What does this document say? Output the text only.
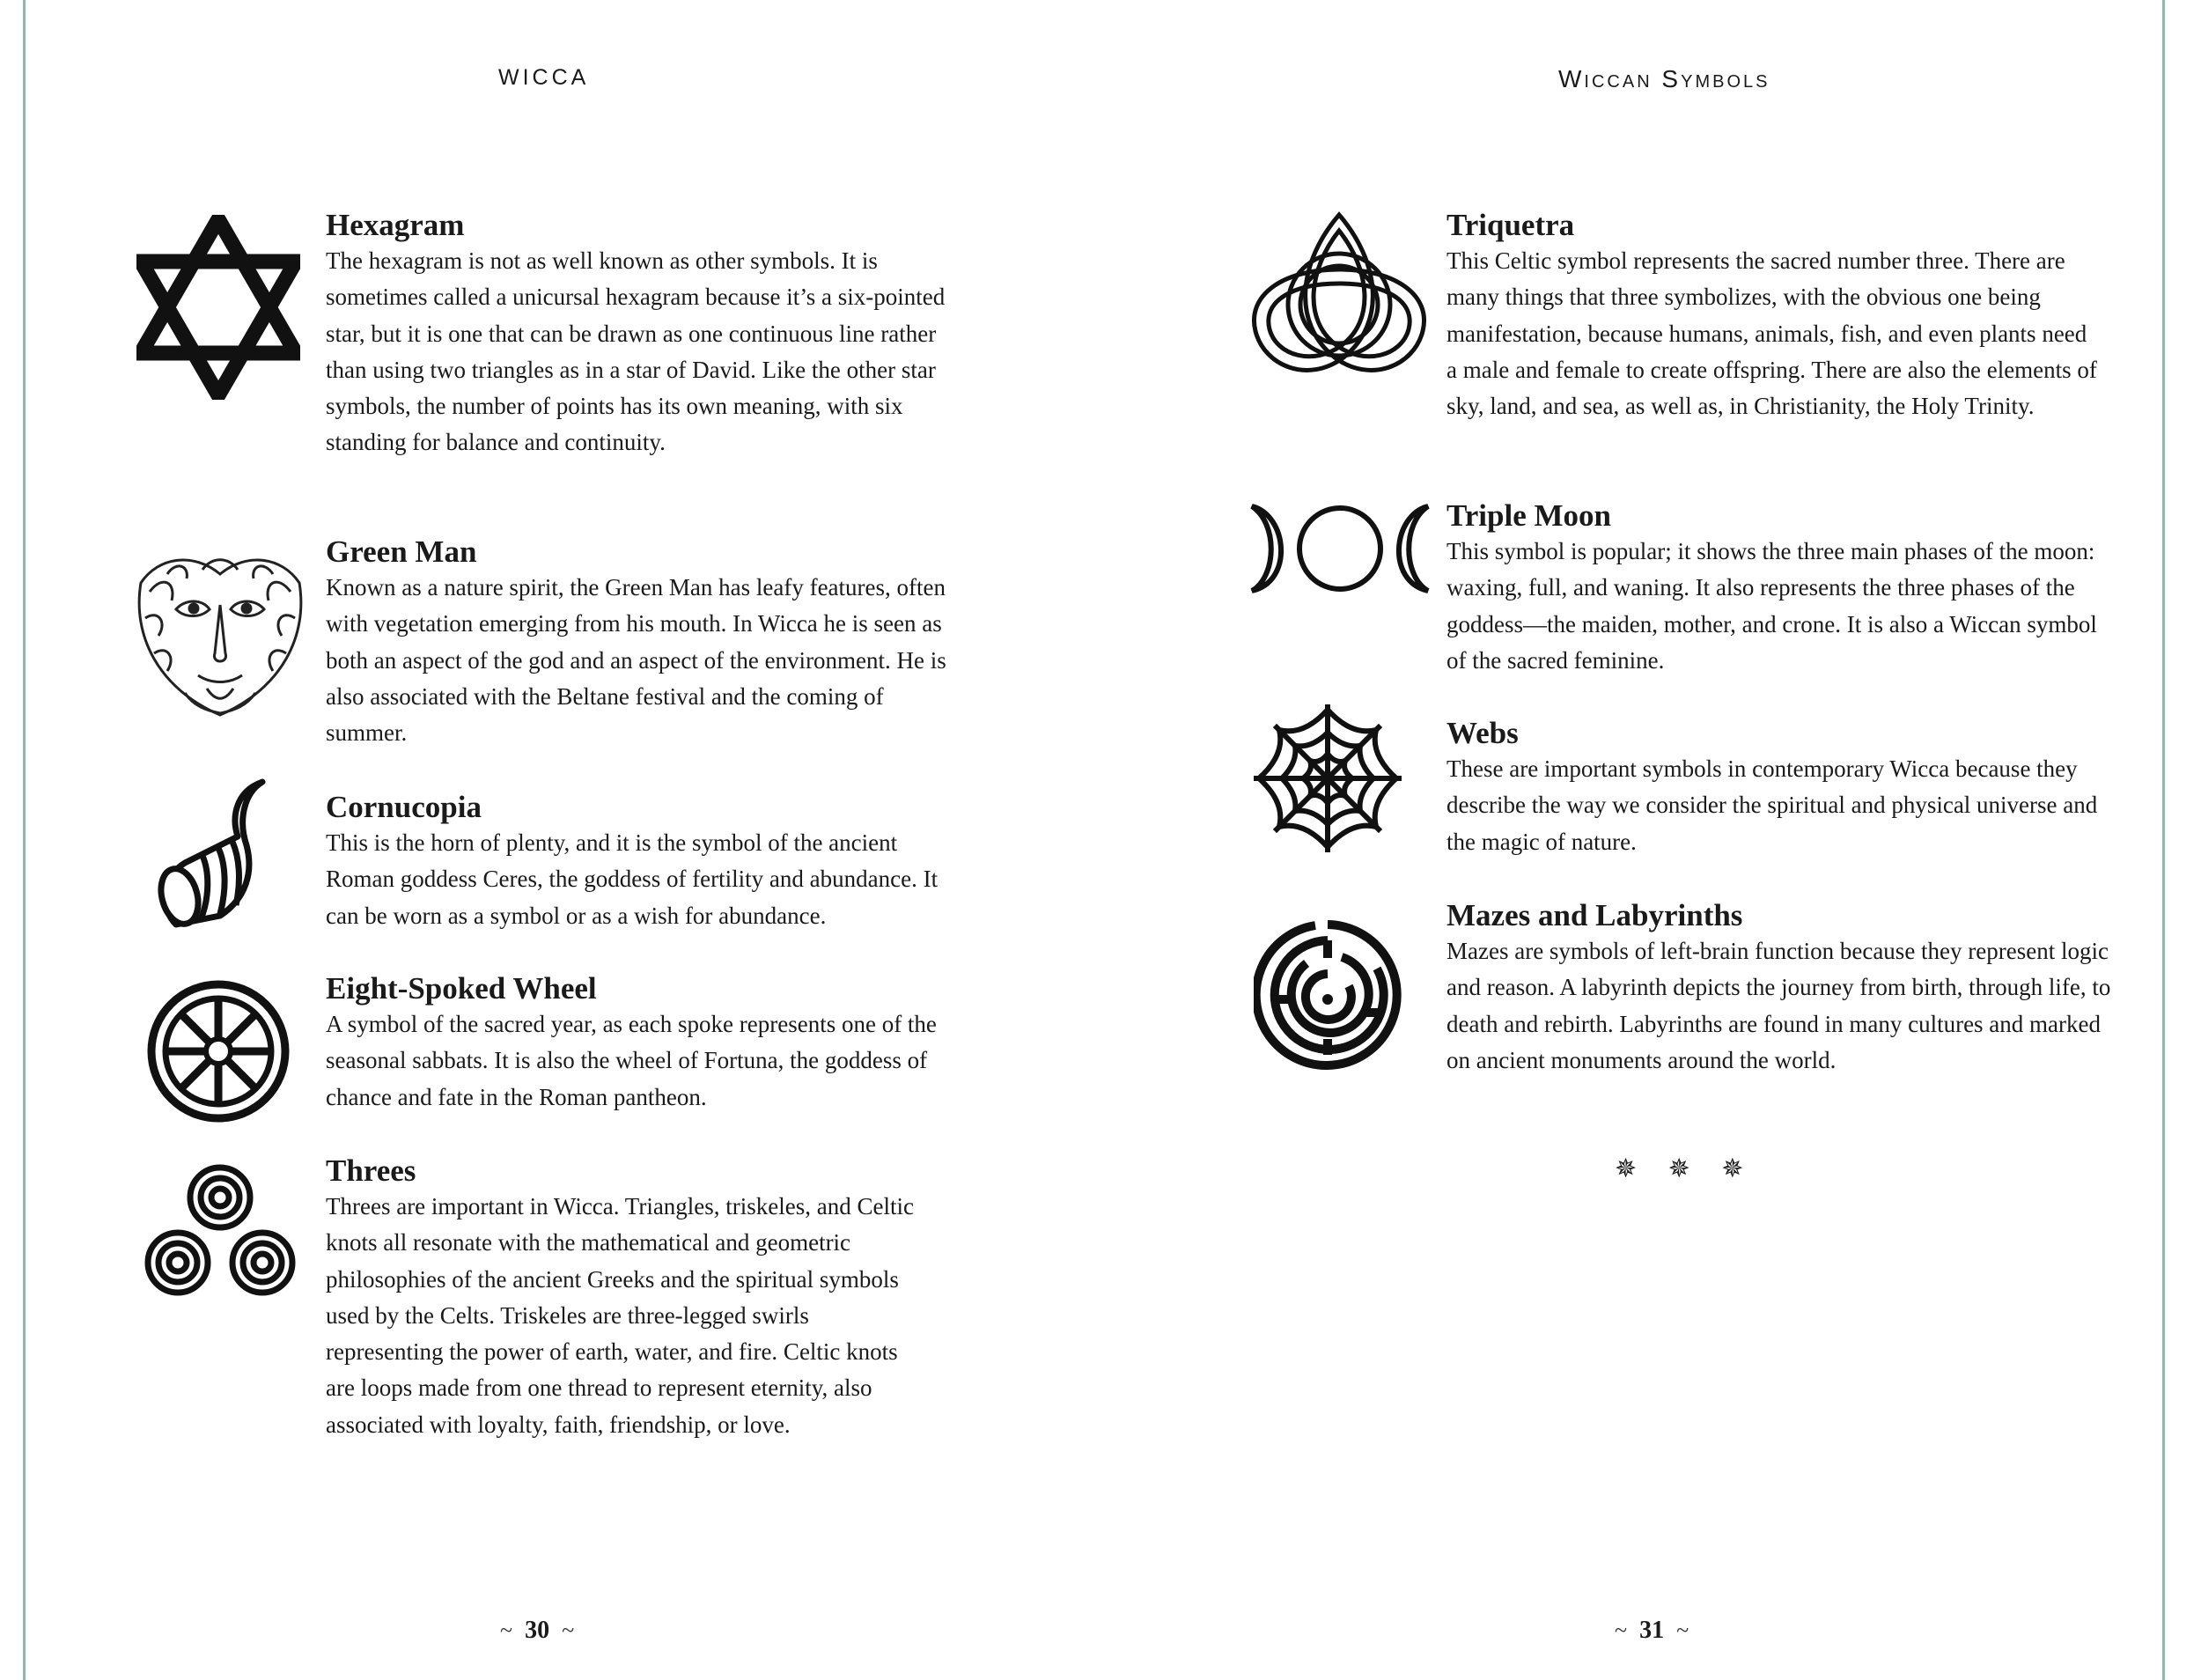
WICCA	Wiccan Symbols
Hexagram

The hexagram is not as well known as other symbols. It is sometimes called a unicursal hexagram because it’s a six-pointed star, but it is one that can be drawn as one continuous line rather than using two triangles as in a star of David. Like the other star symbols, the number of points has its own meaning, with six standing for balance and continuity.

Green Man

Known as a nature spirit, the Green Man has leafy features, often with vegetation emerging from his mouth. In Wicca he is seen as both an aspect of the god and an aspect of the environment. He is also associated with the Beltane festival and the coming of summer.

Cornucopia

This is the horn of plenty, and it is the symbol of the ancient Roman goddess Ceres, the goddess of fertility and abundance. It can be worn as a symbol or as a wish for abundance.

Eight-Spoked Wheel

A symbol of the sacred year, as each spoke represents one of the seasonal sabbats. It is also the wheel of Fortuna, the goddess of chance and fate in the Roman pantheon.

Threes

Threes are important in Wicca. Triangles, triskeles, and Celtic knots all resonate with the mathematical and geometric philosophies of the ancient Greeks and the spiritual symbols used by the Celts. Triskeles are three-legged swirls representing the power of earth, water, and fire. Celtic knots are loops made from one thread to represent eternity, also associated with loyalty, faith, friendship, or love.

~ 30 ~
Triquetra

This Celtic symbol represents the sacred number three. There are many things that three symbolizes, with the obvious one being manifestation, because humans, animals, fish, and even plants need a male and female to create offspring. There are also the elements of sky, land, and sea, as well as, in Christianity, the Holy Trinity.

Triple Moon

This symbol is popular; it shows the three main phases of the moon: waxing, full, and waning. It also represents the three phases of the goddess—the maiden, mother, and crone. It is also a Wiccan symbol of the sacred feminine.

Webs

These are important symbols in contemporary Wicca because they describe the way we consider the spiritual and physical universe and the magic of nature.

Mazes and Labyrinths

Mazes are symbols of left-brain function because they represent logic and reason. A labyrinth depicts the journey from birth, through life, to death and rebirth. Labyrinths are found in many cultures and marked on ancient monuments around the world.

✵ ✵ ✵
~ 31 ~
